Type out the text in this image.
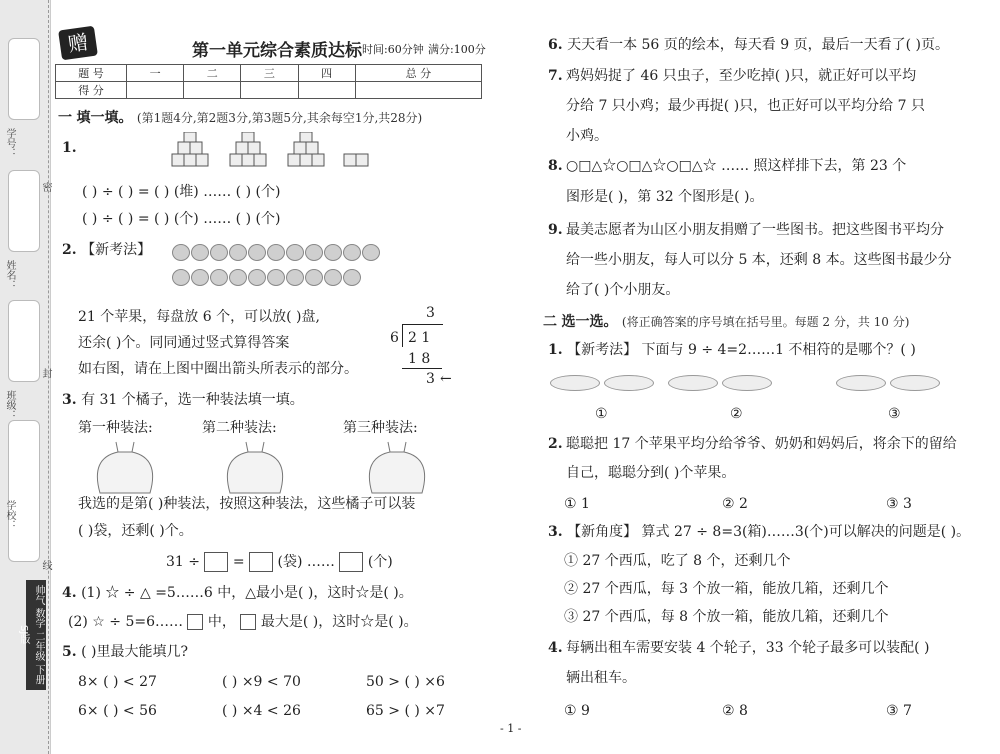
学号：
姓名：
班级：
学校：
密
封
线
帅气 数学 二年级 下册 SJ版
赠	第一单元综合素质达标 时间:60分钟 满分:100分
题 号	一	二	三	四	总 分
得 分					
一 填一填。 (第1题4分,第2题3分,第3题5分,其余每空1分,共28分)
1.
( ) ÷ ( ) = ( ) (堆) …… ( ) (个)
( ) ÷ ( ) = ( ) (个) …… ( ) (个)
2. 【新考法】
21 个苹果，每盘放 6 个，可以放( )盘,
还余( )个。同同通过竖式算得答案
如右图，请在上图中圈出箭头所表示的部分。
3
6 2 1
1 8
3 ←
3. 有 31 个橘子，选一种装法填一填。
第一种装法:	第二种装法:	第三种装法:
我选的是第( )种装法，按照这种装法，这些橘子可以装
( )袋，还剩( )个。
31 ÷ = (袋) …… (个)
4. (1) ☆ ÷ △ =5……6 中，△最小是( )，这时☆是( )。
(2) ☆ ÷ 5=6…… 中， 最大是( )，这时☆是( )。
5. ( )里最大能填几?
8× ( ) < 27	( ) ×9 < 70	50 > ( ) ×6
6× ( ) < 56	( ) ×4 < 26	65 > ( ) ×7
- 1 -
6. 天天看一本 56 页的绘本，每天看 9 页，最后一天看了( )页。
7. 鸡妈妈捉了 46 只虫子，至少吃掉( )只，就正好可以平均
分给 7 只小鸡；最少再捉( )只，也正好可以平均分给 7 只
小鸡。
8. ○□△☆○□△☆○□△☆ …… 照这样排下去，第 23 个
图形是( )，第 32 个图形是( )。
9. 最美志愿者为山区小朋友捐赠了一些图书。把这些图书平均分
给一些小朋友，每人可以分 5 本，还剩 8 本。这些图书最少分
给了( )个小朋友。
二 选一选。 (将正确答案的序号填在括号里。每题 2 分，共 10 分)
1. 【新考法】 下面与 9 ÷ 4=2……1 不相符的是哪个？( )
①	②	③
2. 聪聪把 17 个苹果平均分给爷爷、奶奶和妈妈后，将余下的留给
自己，聪聪分到( )个苹果。
① 1	② 2	③ 3
3. 【新角度】 算式 27 ÷ 8=3(箱)……3(个)可以解决的问题是( )。
① 27 个西瓜，吃了 8 个，还剩几个
② 27 个西瓜，每 3 个放一箱，能放几箱，还剩几个
③ 27 个西瓜，每 8 个放一箱，能放几箱，还剩几个
4. 每辆出租车需要安装 4 个轮子，33 个轮子最多可以装配( )
辆出租车。
① 9	② 8	③ 7
